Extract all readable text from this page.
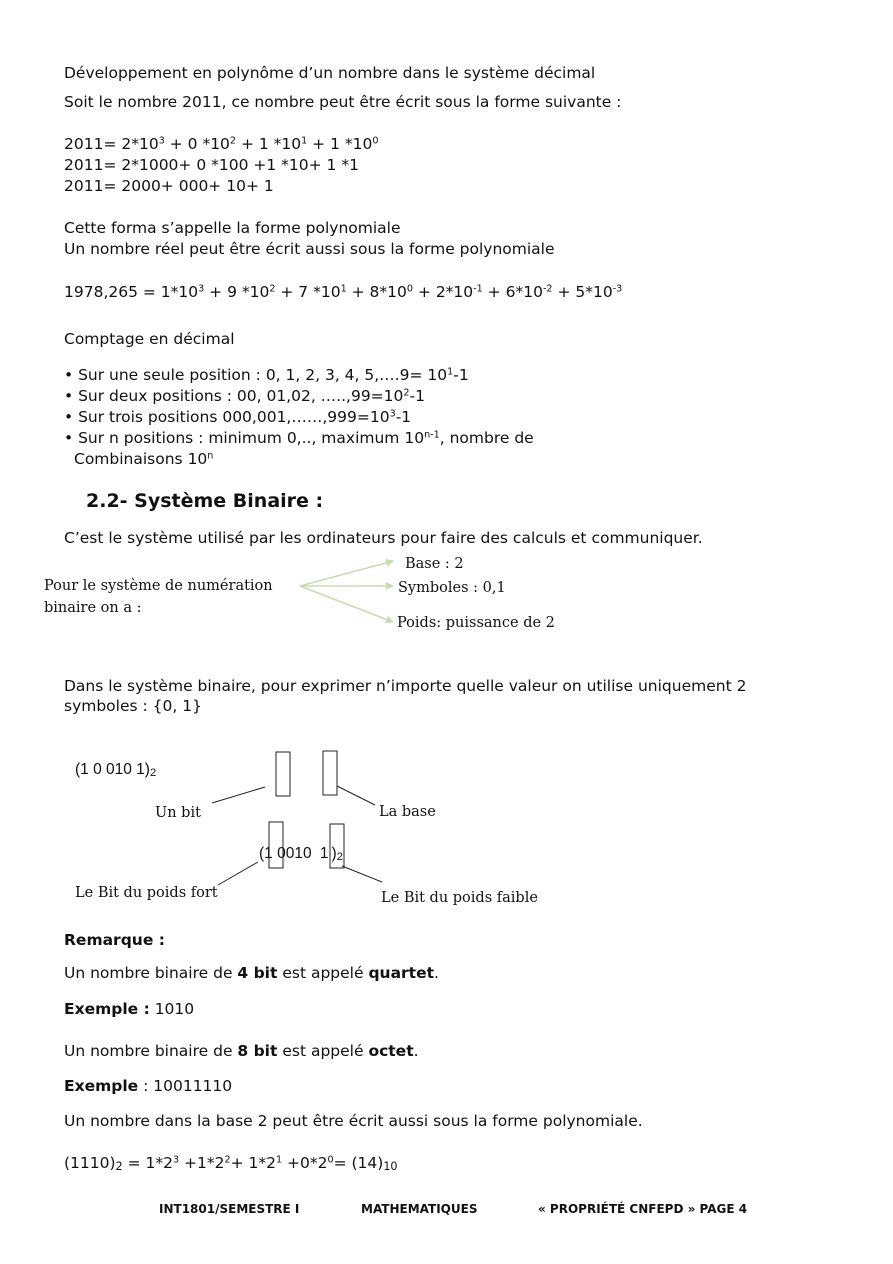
Développement en polynôme d’un nombre dans le système décimal
Soit le nombre 2011, ce nombre peut être écrit sous la forme suivante :
$2011= 2*10^3 + 0$ $*10^2 + 1$ $*10^1 + 1$ $*10^0$
2011= 2*1000+ 0 *100 +1 *10+ 1 *1
2011= 2000+ 000+ 10+ 1
Cette forma s’appelle la forme polynomiale
Un nombre réel peut être écrit aussi sous la forme polynomiale
$1978,265 = 1*10^3 + 9$ $*10^2 + 7$ $*10^1 + 8*10^0 + 2*10^{-1} + 6*10^{-2} + 5*10^{-3}$
Comptage en décimal
• Sur une seule position : 0, 1, 2, 3, 4, 5,….9= $10^1-1$
• Sur deux positions : 00, 01,02, $\dots..,99=10^2-1$
• Sur trois positions $000,001,\dots\dots,999=10^3-1$
• Sur n positions : minimum 0,.., maximum 10$^{n-1}$, nombre de
Combinaisons 10$^n$
2.2- Système Binaire :
C’est le système utilisé par les ordinateurs pour faire des calculs et communiquer.
Pour le système de numération
binaire on a :
Base : 2
Symboles : 0,1
Poids: puissance de 2
Dans le système binaire, pour exprimer n’importe quelle valeur on utilise uniquement 2
symboles : {0, 1}
(1 0 010 $1)_2$
Un bit	La base
(1 0010 1 )$_2$
Le Bit du poids fort	Le Bit du poids faible
Remarque :
Un nombre binaire de 4 bit est appelé quartet.
Exemple : 1010
Un nombre binaire de 8 bit est appelé octet.
Exemple : 10011110
Un nombre dans la base 2 peut être écrit aussi sous la forme polynomiale.
$(1110)_2 = 1*2^3 +1*2^2+ 1*2^1 +0*2^0= (14)_{10}$
INT1801/SEMESTRE I	MATHEMATIQUES	« PROPRIÉTÉ CNFEPD » PAGE 4
